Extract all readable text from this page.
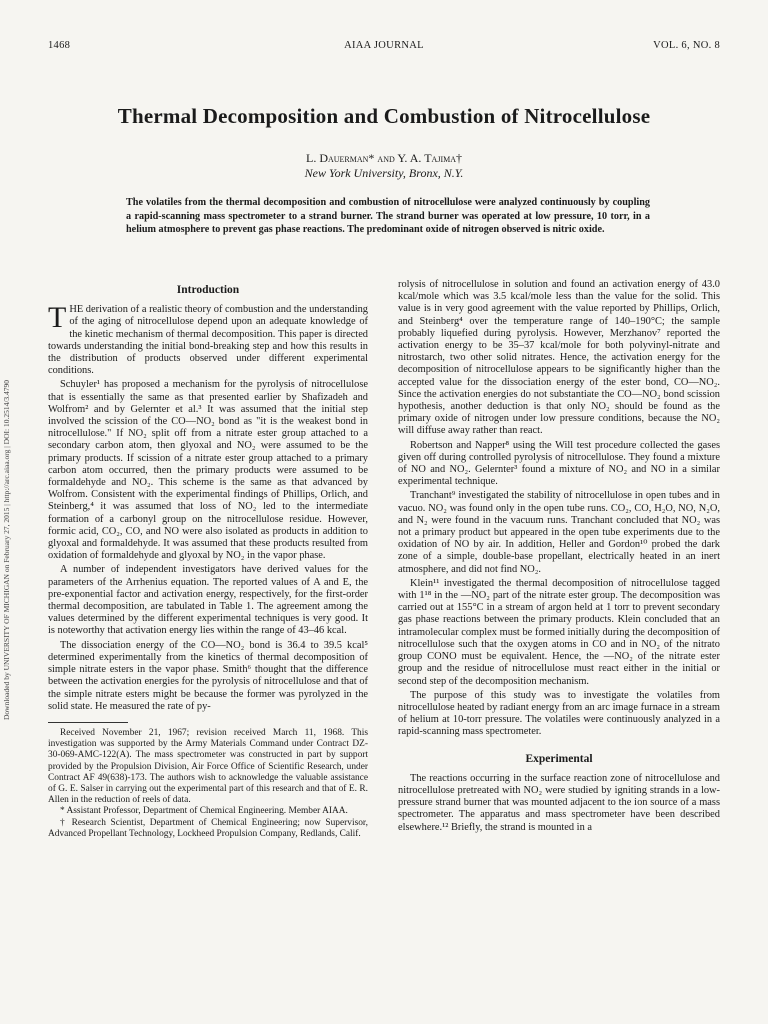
Downloaded by UNIVERSITY OF MICHIGAN on February 27, 2015 | http://arc.aiaa.org | DOI: 10.2514/3.4790
1468	AIAA JOURNAL	VOL. 6, NO. 8
Thermal Decomposition and Combustion of Nitrocellulose
L. Dauerman* and Y. A. Tajima†
New York University, Bronx, N.Y.
The volatiles from the thermal decomposition and combustion of nitrocellulose were analyzed continuously by coupling a rapid-scanning mass spectrometer to a strand burner. The strand burner was operated at low pressure, 10 torr, in a helium atmosphere to prevent gas phase reactions. The predominant oxide of nitrogen observed is nitric oxide.
Introduction

THE derivation of a realistic theory of combustion and the understanding of the aging of nitrocellulose depend upon an adequate knowledge of the kinetic mechanism of thermal decomposition. This paper is directed towards understanding the initial bond-breaking step and how this results in the distribution of products observed under different experimental conditions.

Schuyler¹ has proposed a mechanism for the pyrolysis of nitrocellulose that is essentially the same as that presented earlier by Shafizadeh and Wolfrom² and by Gelernter et al.³ It was assumed that the initial step involved the scission of the CO—NO₂ bond as "it is the weakest bond in nitrocellulose." If NO₂ split off from a nitrate ester group attached to a secondary carbon atom, then glyoxal and NO₂ were assumed to be the primary products. If scission of a nitrate ester group attached to a primary carbon atom occurred, then the primary products were assumed to be formaldehyde and NO₂. This scheme is the same as that advanced by Wolfrom. Consistent with the experimental findings of Phillips, Orlich, and Steinberg,⁴ it was assumed that loss of NO₂ led to the intermediate formation of a carbonyl group on the nitrocellulose residue. However, formic acid, CO₂, CO, and NO were also isolated as products in addition to glyoxal and formaldehyde. It was assumed that these products resulted from oxidation of formaldehyde and glyoxal by NO₂ in the vapor phase.

A number of independent investigators have derived values for the parameters of the Arrhenius equation. The reported values of A and E, the pre-exponential factor and activation energy, respectively, for the first-order thermal decomposition, are tabulated in Table 1. The agreement among the values determined by the different experimental techniques is very good. It is noteworthy that activation energy lies within the range of 43–46 kcal.

The dissociation energy of the CO—NO₂ bond is 36.4 to 39.5 kcal⁵ determined experimentally from the kinetics of thermal decomposition of simple nitrate esters in the vapor phase. Smith⁶ thought that the difference between the activation energies for the pyrolysis of nitrocellulose and that of the simple nitrate esters might be because the former was pyrolyzed in the solid state. He measured the rate of py-

Received November 21, 1967; revision received March 11, 1968. This investigation was supported by the Army Materials Command under Contract DZ-30-069-AMC-122(A). The mass spectrometer was constructed in part by support provided by the Propulsion Division, Air Force Office of Scientific Research, under Contract AF 49(638)-173. The authors wish to acknowledge the valuable assistance of G. E. Salser in carrying out the experimental part of this research and that of E. R. Allen in the reduction of reels of data.

* Assistant Professor, Department of Chemical Engineering. Member AIAA.

† Research Scientist, Department of Chemical Engineering; now Supervisor, Advanced Propellant Technology, Lockheed Propulsion Company, Redlands, Calif.

rolysis of nitrocellulose in solution and found an activation energy of 43.0 kcal/mole which was 3.5 kcal/mole less than the value for the solid. This value is in very good agreement with the value reported by Phillips, Orlich, and Steinberg⁴ over the temperature range of 140–190°C; the sample probably liquefied during pyrolysis. However, Merzhanov⁷ reported the activation energy to be 35–37 kcal/mole for both polyvinyl-nitrate and nitrostarch, two other solid nitrates. Hence, the activation energy for the decomposition of nitrocellulose appears to be significantly higher than the accepted value for the dissociation energy of the ester bond, CO—NO₂. Since the activation energies do not substantiate the CO—NO₂ bond scission hypothesis, another deduction is that only NO₂ should be found as the primary oxide of nitrogen under low pressure conditions, because the NO₂ will diffuse away rather than react.

Robertson and Napper⁸ using the Will test procedure collected the gases given off during controlled pyrolysis of nitrocellulose. They found a mixture of NO and NO₂. Gelernter³ found a mixture of NO₂ and NO in a similar experimental technique.

Tranchant⁹ investigated the stability of nitrocellulose in open tubes and in vacuo. NO₂ was found only in the open tube runs. CO₂, CO, H₂O, NO, N₂O, and N₂ were found in the vacuum runs. Tranchant concluded that NO₂ was not a primary product but appeared in the open tube experiments due to the oxidation of NO by air. In addition, Heller and Gordon¹⁰ probed the dark zone of a simple, double-base propellant, electrically heated in an inert atmosphere, and did not find NO₂.

Klein¹¹ investigated the thermal decomposition of nitrocellulose tagged with 1¹⁸ in the —NO₂ part of the nitrate ester group. The decomposition was carried out at 155°C in a stream of argon held at 1 torr to prevent secondary gas phase reactions between the primary products. Klein concluded that an intramolecular complex must be formed initially during the decomposition of nitrocellulose such that the oxygen atoms in CO and in NO₂ of the nitrato group CONO must be equivalent. Hence, the —NO₂ of the nitrate ester group and the residue of nitrocellulose must react either in the initial or second step of the decomposition mechanism.

The purpose of this study was to investigate the volatiles from nitrocellulose heated by radiant energy from an arc image furnace in a stream of helium at 10-torr pressure. The volatiles were continuously analyzed in a rapid-scanning mass spectrometer.

Experimental

The reactions occurring in the surface reaction zone of nitrocellulose and nitrocellulose pretreated with NO₂ were studied by igniting strands in a low-pressure strand burner that was mounted adjacent to the ion source of a mass spectrometer. The apparatus and mass spectrometer have been described elsewhere.¹² Briefly, the strand is mounted in a
